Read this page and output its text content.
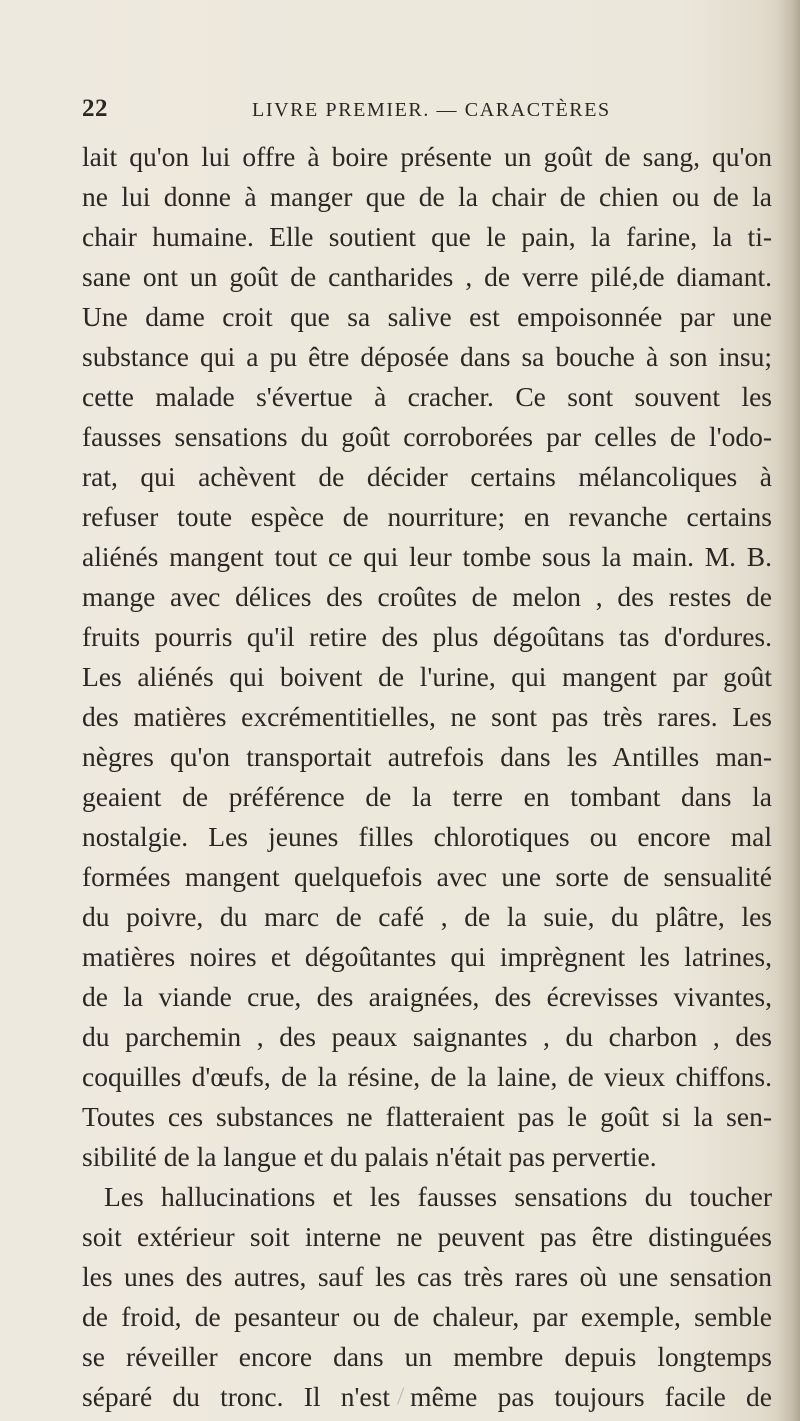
22	LIVRE PREMIER. — CARACTÈRES
lait qu'on lui offre à boire présente un goût de sang, qu'on
ne lui donne à manger que de la chair de chien ou de la
chair humaine. Elle soutient que le pain, la farine, la ti-
sane ont un goût de cantharides , de verre pilé,de diamant.
Une dame croit que sa salive est empoisonnée par une
substance qui a pu être déposée dans sa bouche à son insu;
cette malade s'évertue à cracher. Ce sont souvent les
fausses sensations du goût corroborées par celles de l'odo-
rat, qui achèvent de décider certains mélancoliques à
refuser toute espèce de nourriture; en revanche certains
aliénés mangent tout ce qui leur tombe sous la main. M. B.
mange avec délices des croûtes de melon , des restes de
fruits pourris qu'il retire des plus dégoûtans tas d'ordures.
Les aliénés qui boivent de l'urine, qui mangent par goût
des matières excrémentitielles, ne sont pas très rares. Les
nègres qu'on transportait autrefois dans les Antilles man-
geaient de préférence de la terre en tombant dans la
nostalgie. Les jeunes filles chlorotiques ou encore mal
formées mangent quelquefois avec une sorte de sensualité
du poivre, du marc de café , de la suie, du plâtre, les
matières noires et dégoûtantes qui imprègnent les latrines,
de la viande crue, des araignées, des écrevisses vivantes,
du parchemin , des peaux saignantes , du charbon , des
coquilles d'œufs, de la résine, de la laine, de vieux chiffons.
Toutes ces substances ne flatteraient pas le goût si la sen-
sibilité de la langue et du palais n'était pas pervertie.
Les hallucinations et les fausses sensations du toucher
soit extérieur soit interne ne peuvent pas être distinguées
les unes des autres, sauf les cas très rares où une sensation
de froid, de pesanteur ou de chaleur, par exemple, semble
se réveiller encore dans un membre depuis longtemps
séparé du tronc. Il n'est même pas toujours facile de
